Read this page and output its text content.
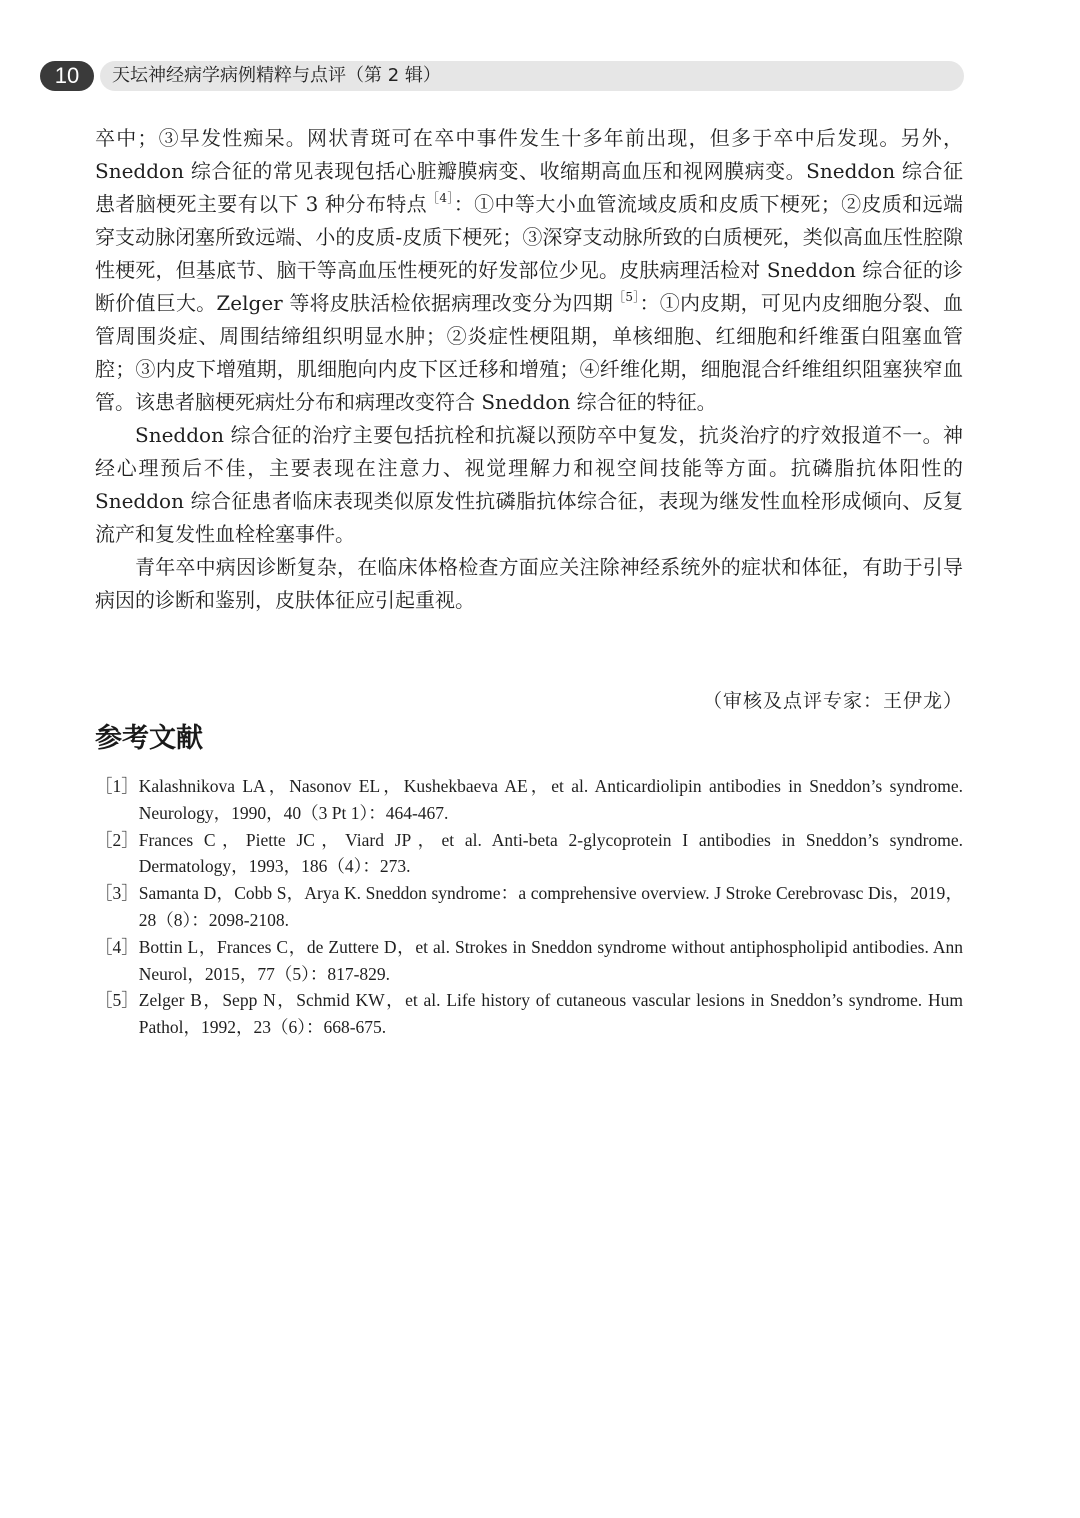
10	天坛神经病学病例精粹与点评（第 2 辑）

卒中；③早发性痴呆。网状青斑可在卒中事件发生十多年前出现，但多于卒中后发现。另外，Sneddon 综合征的常见表现包括心脏瓣膜病变、收缩期高血压和视网膜病变。Sneddon 综合征患者脑梗死主要有以下 3 种分布特点$^{[4]}$：①中等大小血管流域皮质和皮质下梗死；②皮质和远端穿支动脉闭塞所致远端、小的皮质-皮质下梗死；③深穿支动脉所致的白质梗死，类似高血压性腔隙性梗死，但基底节、脑干等高血压性梗死的好发部位少见。皮肤病理活检对 Sneddon 综合征的诊断价值巨大。Zelger 等将皮肤活检依据病理改变分为四期$^{[5]}$：①内皮期，可见内皮细胞分裂、血管周围炎症、周围结缔组织明显水肿；②炎症性梗阻期，单核细胞、红细胞和纤维蛋白阻塞血管腔；③内皮下增殖期，肌细胞向内皮下区迁移和增殖；④纤维化期，细胞混合纤维组织阻塞狭窄血管。该患者脑梗死病灶分布和病理改变符合 Sneddon 综合征的特征。

Sneddon 综合征的治疗主要包括抗栓和抗凝以预防卒中复发，抗炎治疗的疗效报道不一。神经心理预后不佳，主要表现在注意力、视觉理解力和视空间技能等方面。抗磷脂抗体阳性的 Sneddon 综合征患者临床表现类似原发性抗磷脂抗体综合征，表现为继发性血栓形成倾向、反复流产和复发性血栓栓塞事件。

青年卒中病因诊断复杂，在临床体格检查方面应关注除神经系统外的症状和体征，有助于引导病因的诊断和鉴别，皮肤体征应引起重视。

（审核及点评专家：王伊龙）
参考文献
［1］ Kalashnikova LA，Nasonov EL，Kushekbaeva AE，et al. Anticardiolipin antibodies in Sneddon’s syndrome. Neurology，1990，40（3 Pt 1）：464-467.
［2］ Frances C，Piette JC，Viard JP，et al. Anti-beta 2-glycoprotein I antibodies in Sneddon’s syndrome. Dermatology，1993，186（4）：273.
［3］ Samanta D，Cobb S，Arya K. Sneddon syndrome：a comprehensive overview. J Stroke Cerebrovasc Dis，2019，28（8）：2098-2108.
［4］ Bottin L，Frances C，de Zuttere D，et al. Strokes in Sneddon syndrome without antiphospholipid antibodies. Ann Neurol，2015，77（5）：817-829.
［5］ Zelger B，Sepp N，Schmid KW，et al. Life history of cutaneous vascular lesions in Sneddon’s syndrome. Hum Pathol，1992，23（6）：668-675.
